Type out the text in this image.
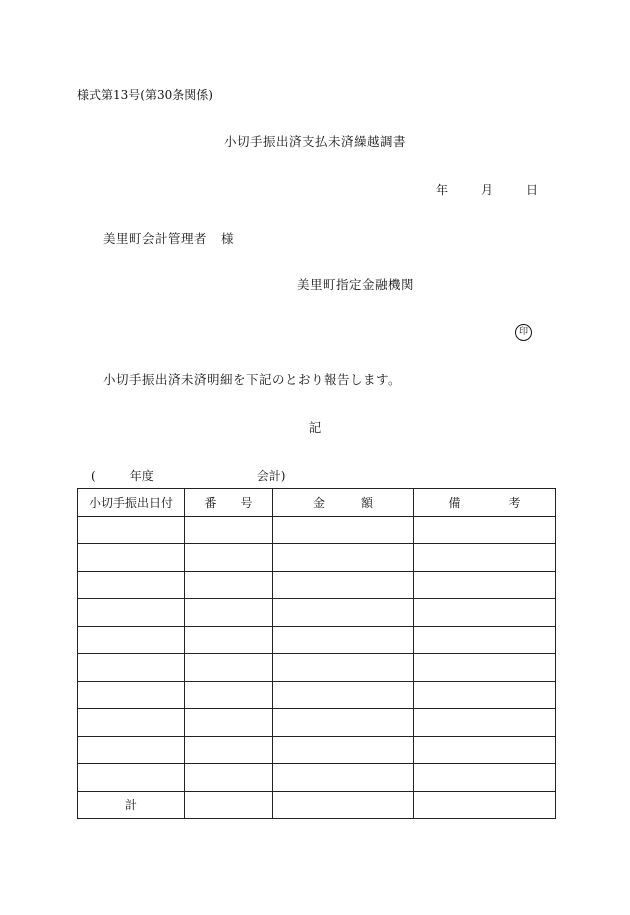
様式第13号(第30条関係)
小切手振出済支払未済繰越調書
年	月	日
美里町会計管理者 様
美里町指定金融機関
印
小切手振出済未済明細を下記のとおり報告します。
記
(	年度	会計)
小切手振出日付	番　　号	金　　　額	備　　　　考

計			
